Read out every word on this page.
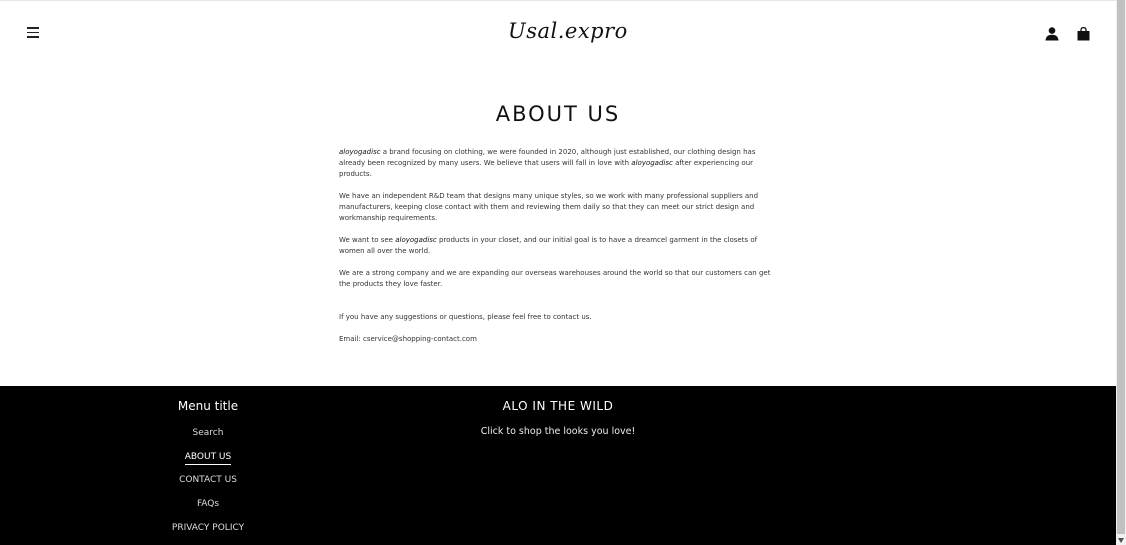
Usal.expro
ABOUT US

aloyogadisc a brand focusing on clothing, we were founded in 2020, although just established, our clothing design has already been recognized by many users. We believe that users will fall in love with aloyogadisc after experiencing our products.

We have an independent R&D team that designs many unique styles, so we work with many professional suppliers and manufacturers, keeping close contact with them and reviewing them daily so that they can meet our strict design and workmanship requirements.

We want to see aloyogadisc products in your closet, and our initial goal is to have a dreamcel garment in the closets of women all over the world.

We are a strong company and we are expanding our overseas warehouses around the world so that our customers can get the products they love faster.

If you have any suggestions or questions, please feel free to contact us.

Email: cservice@shopping-contact.com

Menu title
Search
ABOUT US
CONTACT US
FAQs
PRIVACY POLICY
ALO IN THE WILD
Click to shop the looks you love!
